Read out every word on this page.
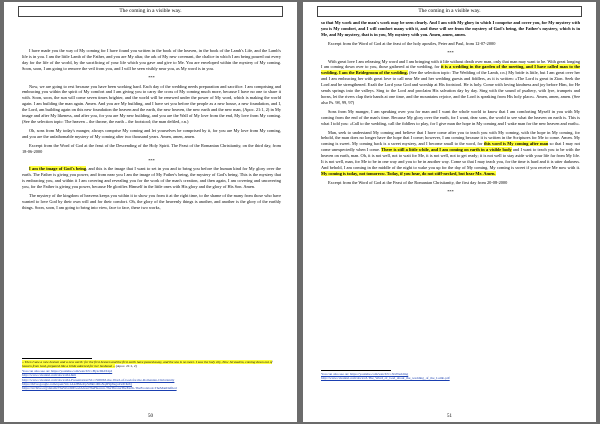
The coming in a visible way.

I have made you the way of My coming for I have found you written in the book of the heaven, in the book of the Lamb's Life, and the Lamb's life is in you. I am the little Lamb of the Father, and you are My altar, the ark of My new covenant, the chalice in which I am being poured out every day for the life of the world, by the sacrificing of your life which you gave and give to Me. You are enveloped within the mystery of My coming. Soon, soon, I am going to remove the veil from you, and I will be seen visibly near you, as My word is in you.

***

Now, we are going to rest because you have been working hard. Each day of the wedding needs preparation and sacrifice. I am comprising and embracing you within the spirit of My comfort and I am giving you to carry the cross of My coming much more, because I have no one to share it with. Soon, soon, the sun will come seven times brighter, and the world will be renewed under the power of My word, which is making the world again. I am building the man again. Amen. And you are My building, and I have set you before the people as a new house, a new foundation, and I, the Lord, am building again on this new foundation the heaven and the earth, the new heaven, the new earth and the new man, (Apoc. 21:1, 2) in My image and after My likeness, and after you, for you are My new building, and you are the Wall of My love from the end, My love from My coming. (See the selection topic: The heaven – the throne, the earth – the footstool; the man defiled, r.n.)

Oh, sons from My today's manger, always comprise My coming and let yourselves be comprised by it, for you are My love from My coming, and you are the unfathomable mystery of My coming after two thousand years. Amen, amen, amen.

Excerpt from the Word of God at the feast of the Descending of the Holy Spirit. The Feast of the Romanian Christianity, on the third day, from 18-06-2000

***

I am the image of God's being, and this is the image that I want to set in you and to bring you before the human kind for My glory over the earth. The Father is giving you power, and from near you I am the image of My Father's being, the mystery of God's being. This is the mystery that is embracing you, and within it I am covering and revealing you for the work of the man's creation, and then again, I am covering and uncovering you, for the Father is giving you power, because He glorifies Himself in the little ones with His glory and the glory of His Son. Amen.

The mystery of the kingdom of heavens keeps you within it to show you from it at the right time, to the shame of the many from those who have wanted to love God by their own will and for their comfort. Oh, the glory of the heavenly things is another, and another is the glory of the earthly things. Soon, soon, I am going to bring into view, face to face, these two works,

« Then I saw a new heaven and a new earth: for the first heaven and the first earth have passed away, and the sea is no more. I saw the holy city, New Jerusalem, coming down out of heaven from God, prepared like a bride adorned for her husband. » (Apoc. 21:1, 2)

You can also see on: https://youtube.com/watch?v=ByxcIRdX2pI

http://www.cuvantul.com/docs/s64.htm

http://www.cuvantul.com/docs/s64-Presentation?id=1500063-the-Word-of-God-for-the-Romanian-Christianity

https://drive.google.com/open?id=1Ax2HdeUpSr8kCd0GNqIPQZkgoZuTrKJQ

https://archive.org/details/TheWordOfGodAboutTheHeaven-TheThroneTheEarth-TheFootstool-TheManDefiled

50
The coming in a visible way.

so that My work and the man's work may be seen clearly. And I am with My glory in which I comprise and cover you, for My mystery with you is My comfort, and I will comfort many with it, and these will see from the mystery of God's being, the Father's mystery, which is in Me, and My mystery, that is in you, My mystery with you. Amen, amen, amen.

Excerpt from the Word of God at the feast of the holy apostles, Peter and Paul, from 12-07-2000

***

With great love I am releasing My word and I am bringing with it life without death over man, only that man may want to be. With great longing I am coming down over to you, those gathered at the wedding, for it is a wedding in the garden of the meeting, and I have called man to the wedding. I am the Bridegroom of the wedding. (See the selection topic: The Wedding of the Lamb, r.n.) My bride is little, but I am great over her and I am embracing her with great love to call near Me and her wedding guests and fiddlers, as it is written: «The Lord is great in Zion. Seek the Lord and be strengthened. Exalt the Lord your God and worship at His footstool. He is holy. Come with loving kindness and joy before Him, for He sends springs into the valleys. Sing to the Lord and proclaim His salvation day by day. Sing with the sound of psaltery, with lyre, trumpets and horns, let the rivers clap their hands at one time, and the mountains rejoice, and the Lord is speaking from His holy place». Amen, amen, amen. (See also Ps. 98, 99, 97)

Sons from My manger, I am speaking over you for man and I want the whole world to know that I am comforting Myself in you with My coming from the end of the man's time. Because My glory over the earth, for I want, dear sons, the world to see what the heaven on earth is. This is what I told you: «Call to the wedding, call the fiddlers to play, for I give man the hope in My coming and I wake man for the new heaven and earth».

Man, seek to understand My coming and believe that I have come after you to teach you with My coming, with the hope in My coming, for behold, the man does no longer have the hope that I come; however, I am coming because it is written in the Scriptures for Me to come. Amen. My coming is sweet. My coming back is a sweet mystery, and I become small to the word, for this word is My coming after man so that I may not come unexpectedly when I come. There is still a little while, and I am coming on earth in a visible body and I want to teach you to be with the heaven on earth, man. Oh, it is not well, not to wait for Me, it is not well, not to get ready; it is not well to stay aside with your life far from My life. It is not well, man, for Me to be in one way and you to be in another way. Come so that I may teach you, for the time is hard and it is utter darkness. And behold, I am coming in the middle of the night to wake you up for the day of My coming. My coming is sweet if you receive Me now with it. My coming is today, not tomorrow. Today, if you hear, do not stiff-necked, but hear Me. Amen.

Excerpt from the Word of God at the Feast of the Romanian Christianity, the first day from 20-08-2000

***

You can also see on: https://youtube.com/watch?v=XxWedding

http://www.cuvantul.com/docs/s3-The_Word_of_God_about_the_wedding_of_the_Lamb.pdf

51
